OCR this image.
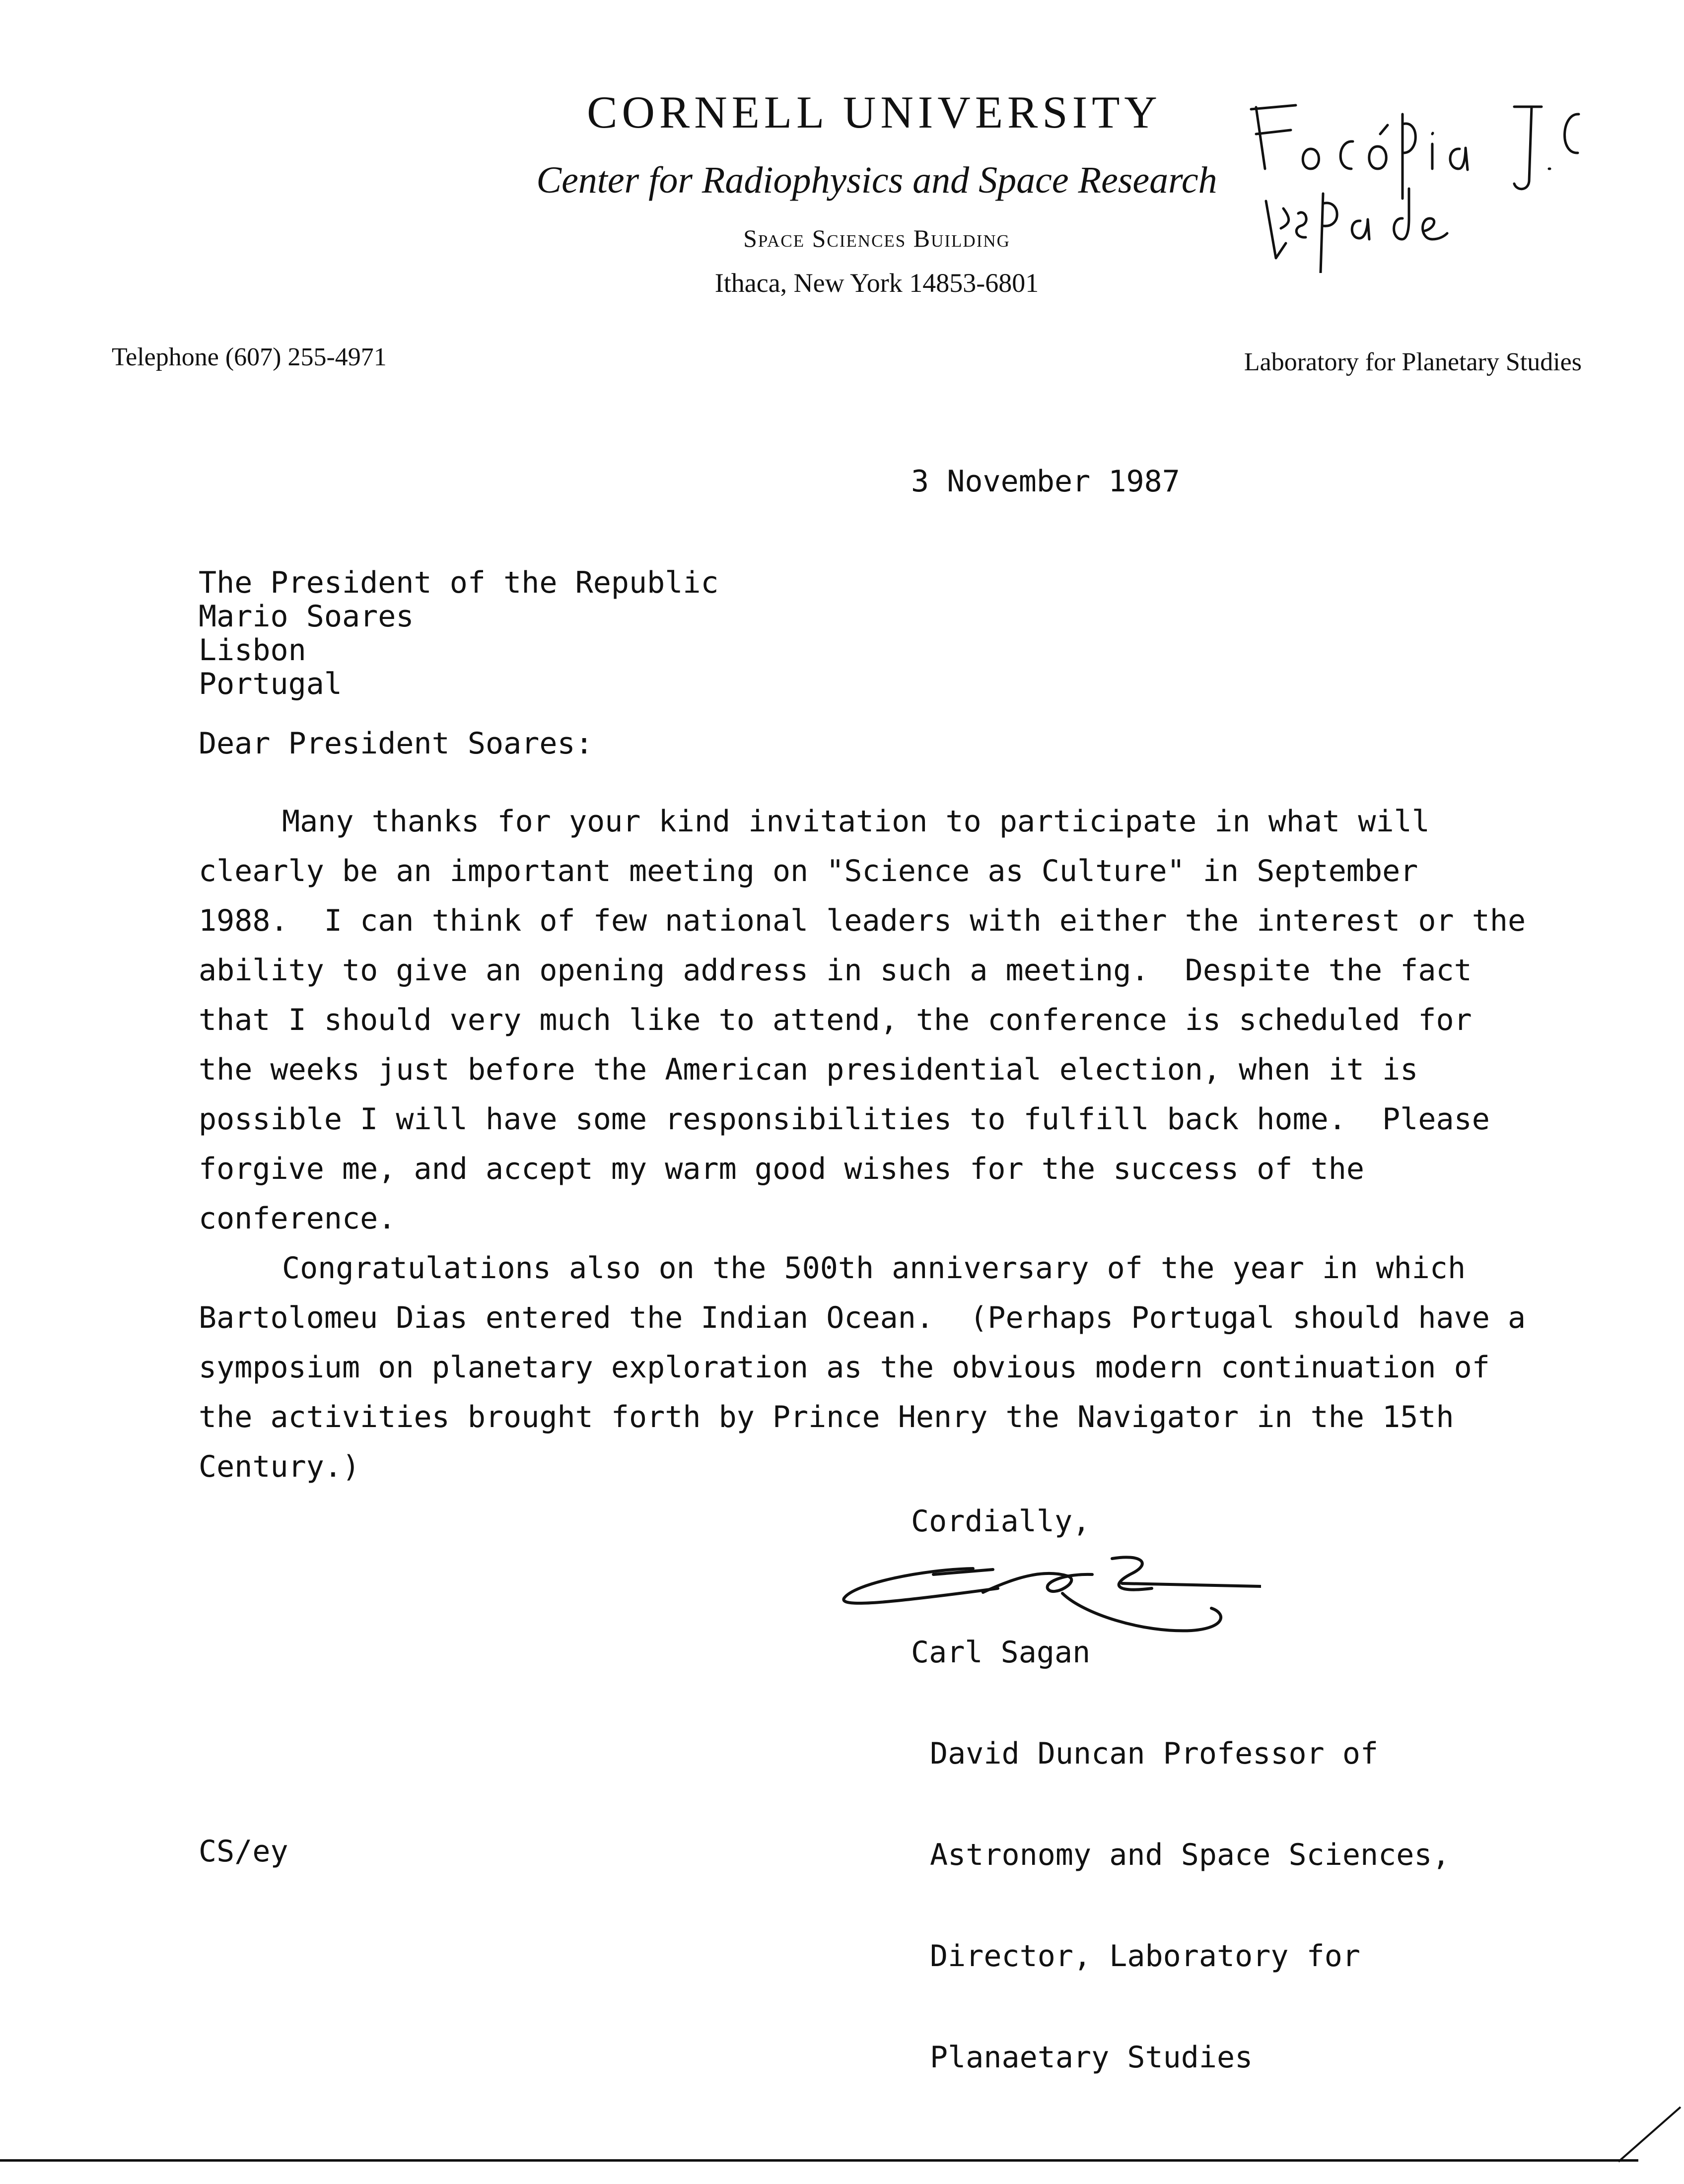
CORNELL UNIVERSITY
Center for Radiophysics and Space Research
Space Sciences Building
Ithaca, New York 14853-6801
Telephone (607) 255-4971	Laboratory for Planetary Studies
3 November 1987
The President of the Republic
Mario Soares
Lisbon
Portugal
Dear President Soares:
Many thanks for your kind invitation to participate in what will
clearly be an important meeting on "Science as Culture" in September
1988.  I can think of few national leaders with either the interest or the
ability to give an opening address in such a meeting.  Despite the fact
that I should very much like to attend, the conference is scheduled for
the weeks just before the American presidential election, when it is
possible I will have some responsibilities to fulfill back home.  Please
forgive me, and accept my warm good wishes for the success of the
conference.
Congratulations also on the 500th anniversary of the year in which
Bartolomeu Dias entered the Indian Ocean.  (Perhaps Portugal should have a
symposium on planetary exploration as the obvious modern continuation of
the activities brought forth by Prince Henry the Navigator in the 15th
Century.)
Cordially,
Carl Sagan

David Duncan Professor of

Astronomy and Space Sciences,

Director, Laboratory for

Planaetary Studies

CS/ey
